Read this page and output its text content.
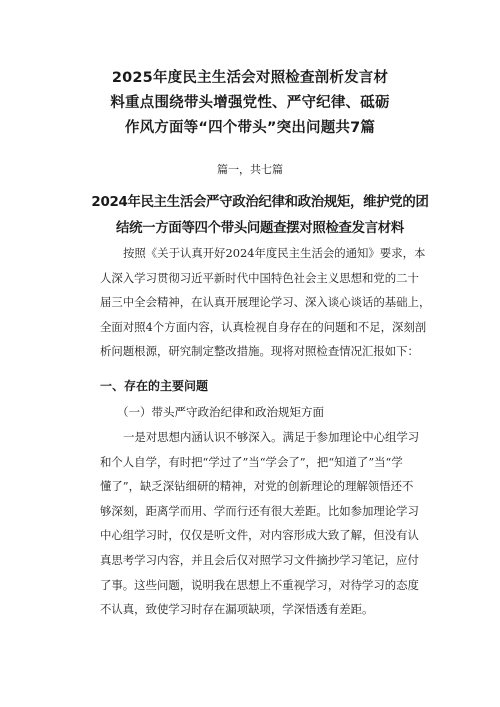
2025年度民主生活会对照检查剖析发言材
料重点围绕带头增强党性、严守纪律、砥砺
作风方面等“四个带头”突出问题共7篇
篇一，共七篇
2024年民主生活会严守政治纪律和政治规矩，维护党的团
结统一方面等四个带头问题查摆对照检查发言材料
按照《关于认真开好2024年度民主生活会的通知》要求，本
人深入学习贯彻习近平新时代中国特色社会主义思想和党的二十
届三中全会精神，在认真开展理论学习、深入谈心谈话的基础上，
全面对照4个方面内容，认真检视自身存在的问题和不足，深刻剖
析问题根源，研究制定整改措施。现将对照检查情况汇报如下：
一、存在的主要问题
（一）带头严守政治纪律和政治规矩方面
一是对思想内涵认识不够深入。满足于参加理论中心组学习
和个人自学，有时把“学过了”当“学会了”，把“知道了”当“学
懂了”，缺乏深钻细研的精神，对党的创新理论的理解领悟还不
够深刻，距离学而用、学而行还有很大差距。比如参加理论学习
中心组学习时，仅仅是听文件，对内容形成大致了解，但没有认
真思考学习内容，并且会后仅对照学习文件摘抄学习笔记，应付
了事。这些问题，说明我在思想上不重视学习，对待学习的态度
不认真，致使学习时存在漏项缺项，学深悟透有差距。
